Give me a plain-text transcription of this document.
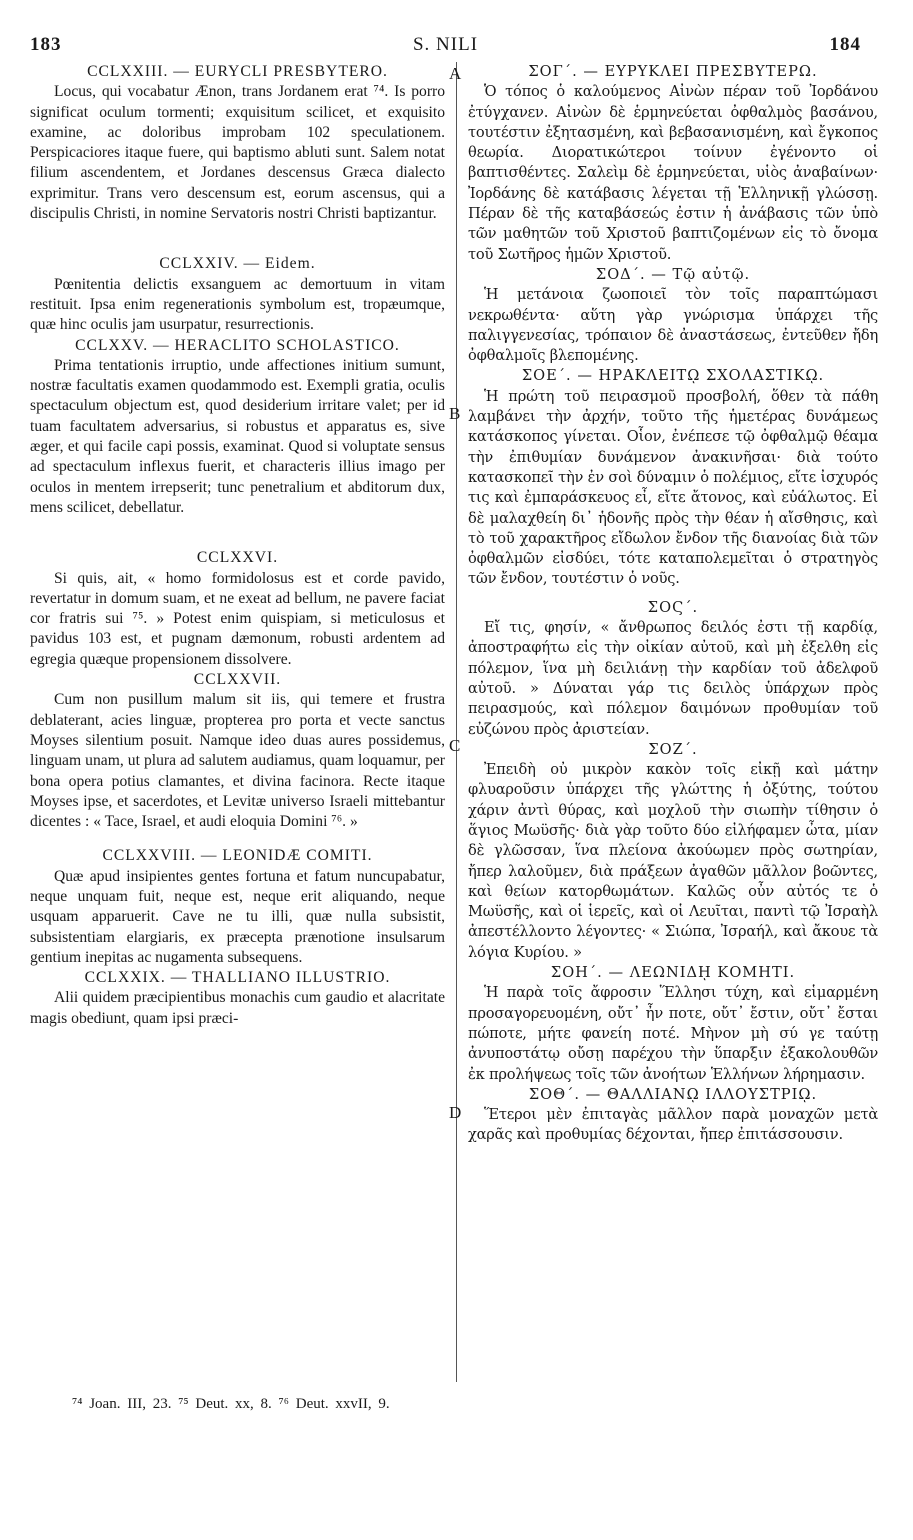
183	S. NILI	184
A
B
C
D
CCLXXIII. — EURYCLI PRESBYTERO.

Locus, qui vocabatur Ænon, trans Jordanem erat ⁷⁴. Is porro significat oculum tormenti; exquisitum scilicet, et exquisito examine, ac doloribus improbam 102 speculationem. Perspicaciores itaque fuere, qui baptismo abluti sunt. Salem notat filium ascendentem, et Jordanes descensus Græca dialecto exprimitur. Trans vero descensum est, eorum ascensus, qui a discipulis Christi, in nomine Servatoris nostri Christi baptizantur.

CCLXXIV. — Eidem.

Pœnitentia delictis exsanguem ac demortuum in vitam restituit. Ipsa enim regenerationis symbolum est, tropæumque, quæ hinc oculis jam usurpatur, resurrectionis.

CCLXXV. — HERACLITO SCHOLASTICO.

Prima tentationis irruptio, unde affectiones initium sumunt, nostræ facultatis examen quodammodo est. Exempli gratia, oculis spectaculum objectum est, quod desiderium irritare valet; per id tuam facultatem adversarius, si robustus et apparatus es, sive æger, et qui facile capi possis, examinat. Quod si voluptate sensus ad spectaculum inflexus fuerit, et characteris illius imago per oculos in mentem irrepserit; tunc penetralium et abditorum dux, mens scilicet, debellatur.

CCLXXVI.

Si quis, ait, « homo formidolosus est et corde pavido, revertatur in domum suam, et ne exeat ad bellum, ne pavere faciat cor fratris sui ⁷⁵. » Potest enim quispiam, si meticulosus et pavidus 103 est, et pugnam dæmonum, robusti ardentem ad egregia quæque propensionem dissolvere.

CCLXXVII.

Cum non pusillum malum sit iis, qui temere et frustra deblaterant, acies linguæ, propterea pro porta et vecte sanctus Moyses silentium posuit. Namque ideo duas aures possidemus, linguam unam, ut plura ad salutem audiamus, quam loquamur, per bona opera potius clamantes, et divina facinora. Recte itaque Moyses ipse, et sacerdotes, et Levitæ universo Israeli mittebantur dicentes : « Tace, Israel, et audi eloquia Domini ⁷⁶. »

CCLXXVIII. — LEONIDÆ COMITI.

Quæ apud insipientes gentes fortuna et fatum nuncupabatur, neque unquam fuit, neque est, neque erit aliquando, neque usquam apparuerit. Cave ne tu illi, quæ nulla subsistit, subsistentiam elargiaris, ex præcepta prænotione insulsarum gentium inepitas ac nugamenta subsequens.

CCLXXIX. — THALLIANO ILLUSTRIO.

Alii quidem præcipientibus monachis cum gaudio et alacritate magis obediunt, quam ipsi præci-

ΣΟΓ΄. — ΕΥΡΥΚΛΕΙ ΠΡΕΣΒΥΤΕΡΩ.

Ὁ τόπος ὁ καλούμενος Αἰνὼν πέραν τοῦ Ἰορδάνου ἐτύγχανεν. Αἰνὼν δὲ ἑρμηνεύεται ὀφθαλμὸς βασάνου, τουτέστιν ἐξητασμένη, καὶ βεβασανισμένη, καὶ ἔγκοπος θεωρία. Διορατικώτεροι τοίνυν ἐγένοντο οἱ βαπτισθέντες. Σαλεὶμ δὲ ἑρμηνεύεται, υἱὸς ἀναβαίνων· Ἰορδάνης δὲ κατάβασις λέγεται τῇ Ἑλληνικῇ γλώσσῃ. Πέραν δὲ τῆς καταβάσεώς ἐστιν ἡ ἀνάβασις τῶν ὑπὸ τῶν μαθητῶν τοῦ Χριστοῦ βαπτιζομένων εἰς τὸ ὄνομα τοῦ Σωτῆρος ἡμῶν Χριστοῦ.

ΣΟΔ΄. — Τῷ αὐτῷ.

Ἡ μετάνοια ζωοποιεῖ τὸν τοῖς παραπτώμασι νεκρωθέντα· αὕτη γὰρ γνώρισμα ὑπάρχει τῆς παλιγγενεσίας, τρόπαιον δὲ ἀναστάσεως, ἐντεῦθεν ἤδη ὀφθαλμοῖς βλεπομένης.

ΣΟΕ΄. — ΗΡΑΚΛΕΙΤῼ ΣΧΟΛΑΣΤΙΚῼ.

Ἡ πρώτη τοῦ πειρασμοῦ προσβολή, ὅθεν τὰ πάθη λαμβάνει τὴν ἀρχήν, τοῦτο τῆς ἡμετέρας δυνάμεως κατάσκοπος γίνεται. Οἷον, ἐνέπεσε τῷ ὀφθαλμῷ θέαμα τὴν ἐπιθυμίαν δυνάμενον ἀνακινῆσαι· διὰ τούτο κατασκοπεῖ τὴν ἐν σοὶ δύναμιν ὁ πολέμιος, εἴτε ἰσχυρός τις καὶ ἐμπαράσκευος εἶ, εἴτε ἄτονος, καὶ εὐάλωτος. Εἰ δὲ μαλαχθείη δι᾽ ἡδονῆς πρὸς τὴν θέαν ἡ αἴσθησις, καὶ τὸ τοῦ χαρακτῆρος εἴδωλον ἔνδον τῆς διανοίας διὰ τῶν ὀφθαλμῶν εἰσδύει, τότε καταπολεμεῖται ὁ στρατηγὸς τῶν ἔνδον, τουτέστιν ὁ νοῦς.

ΣΟϚ΄.

Εἴ τις, φησίν, « ἄνθρωπος δειλός ἐστι τῇ καρδίᾳ, ἀποστραφήτω εἰς τὴν οἰκίαν αὐτοῦ, καὶ μὴ ἐξελθη εἰς πόλεμον, ἵνα μὴ δειλιάνῃ τὴν καρδίαν τοῦ ἀδελφοῦ αὐτοῦ. » Δύναται γάρ τις δειλὸς ὑπάρχων πρὸς πειρασμούς, καὶ πόλεμον δαιμόνων προθυμίαν τοῦ εὐζώνου πρὸς ἀριστείαν.

ΣΟΖ΄.

Ἐπειδὴ οὐ μικρὸν κακὸν τοῖς εἰκῇ καὶ μάτην φλυαροῦσιν ὑπάρχει τῆς γλώττης ἡ ὀξύτης, τούτου χάριν ἀντὶ θύρας, καὶ μοχλοῦ τὴν σιωπὴν τίθησιν ὁ ἅγιος Μωϋσῆς· διὰ γὰρ τοῦτο δύο εἰλήφαμεν ὦτα, μίαν δὲ γλῶσσαν, ἵνα πλείονα ἀκούωμεν πρὸς σωτηρίαν, ἤπερ λαλοῦμεν, διὰ πράξεων ἀγαθῶν μᾶλλον βοῶντες, καὶ θείων κατορθωμάτων. Καλῶς οὖν αὐτός τε ὁ Μωϋσῆς, καὶ οἱ ἱερεῖς, καὶ οἱ Λευῖται, παντὶ τῷ Ἰσραὴλ ἀπεστέλλοντο λέγοντες· « Σιώπα, Ἰσραήλ, καὶ ἄκουε τὰ λόγια Κυρίου. »

ΣΟΗ΄. — ΛΕΩΝΙΔῌ ΚΟΜΗΤΙ.

Ἡ παρὰ τοῖς ἄφροσιν Ἕλλησι τύχη, καὶ εἱμαρμένη προσαγορευομένη, οὔτ᾽ ἦν ποτε, οὔτ᾽ ἔστιν, οὔτ᾽ ἔσται πώποτε, μήτε φανείη ποτέ. Μὴνον μὴ σύ γε ταύτῃ ἀνυποστάτῳ οὔσῃ παρέχου τὴν ὕπαρξιν ἐξακολουθῶν ἐκ προλήψεως τοῖς τῶν ἀνοήτων Ἑλλήνων λήρημασιν.

ΣΟΘ΄. — ΘΑΛΛΙΑΝῼ ΙΛΛΟΥΣΤΡΙῼ.

Ἕτεροι μὲν ἐπιταγὰς μᾶλλον παρὰ μοναχῶν μετὰ χαρᾶς καὶ προθυμίας δέχονται, ἤπερ ἐπιτάσσουσιν.

⁷⁴ Joan. III, 23. ⁷⁵ Deut. xx, 8. ⁷⁶ Deut. xxvII, 9.
